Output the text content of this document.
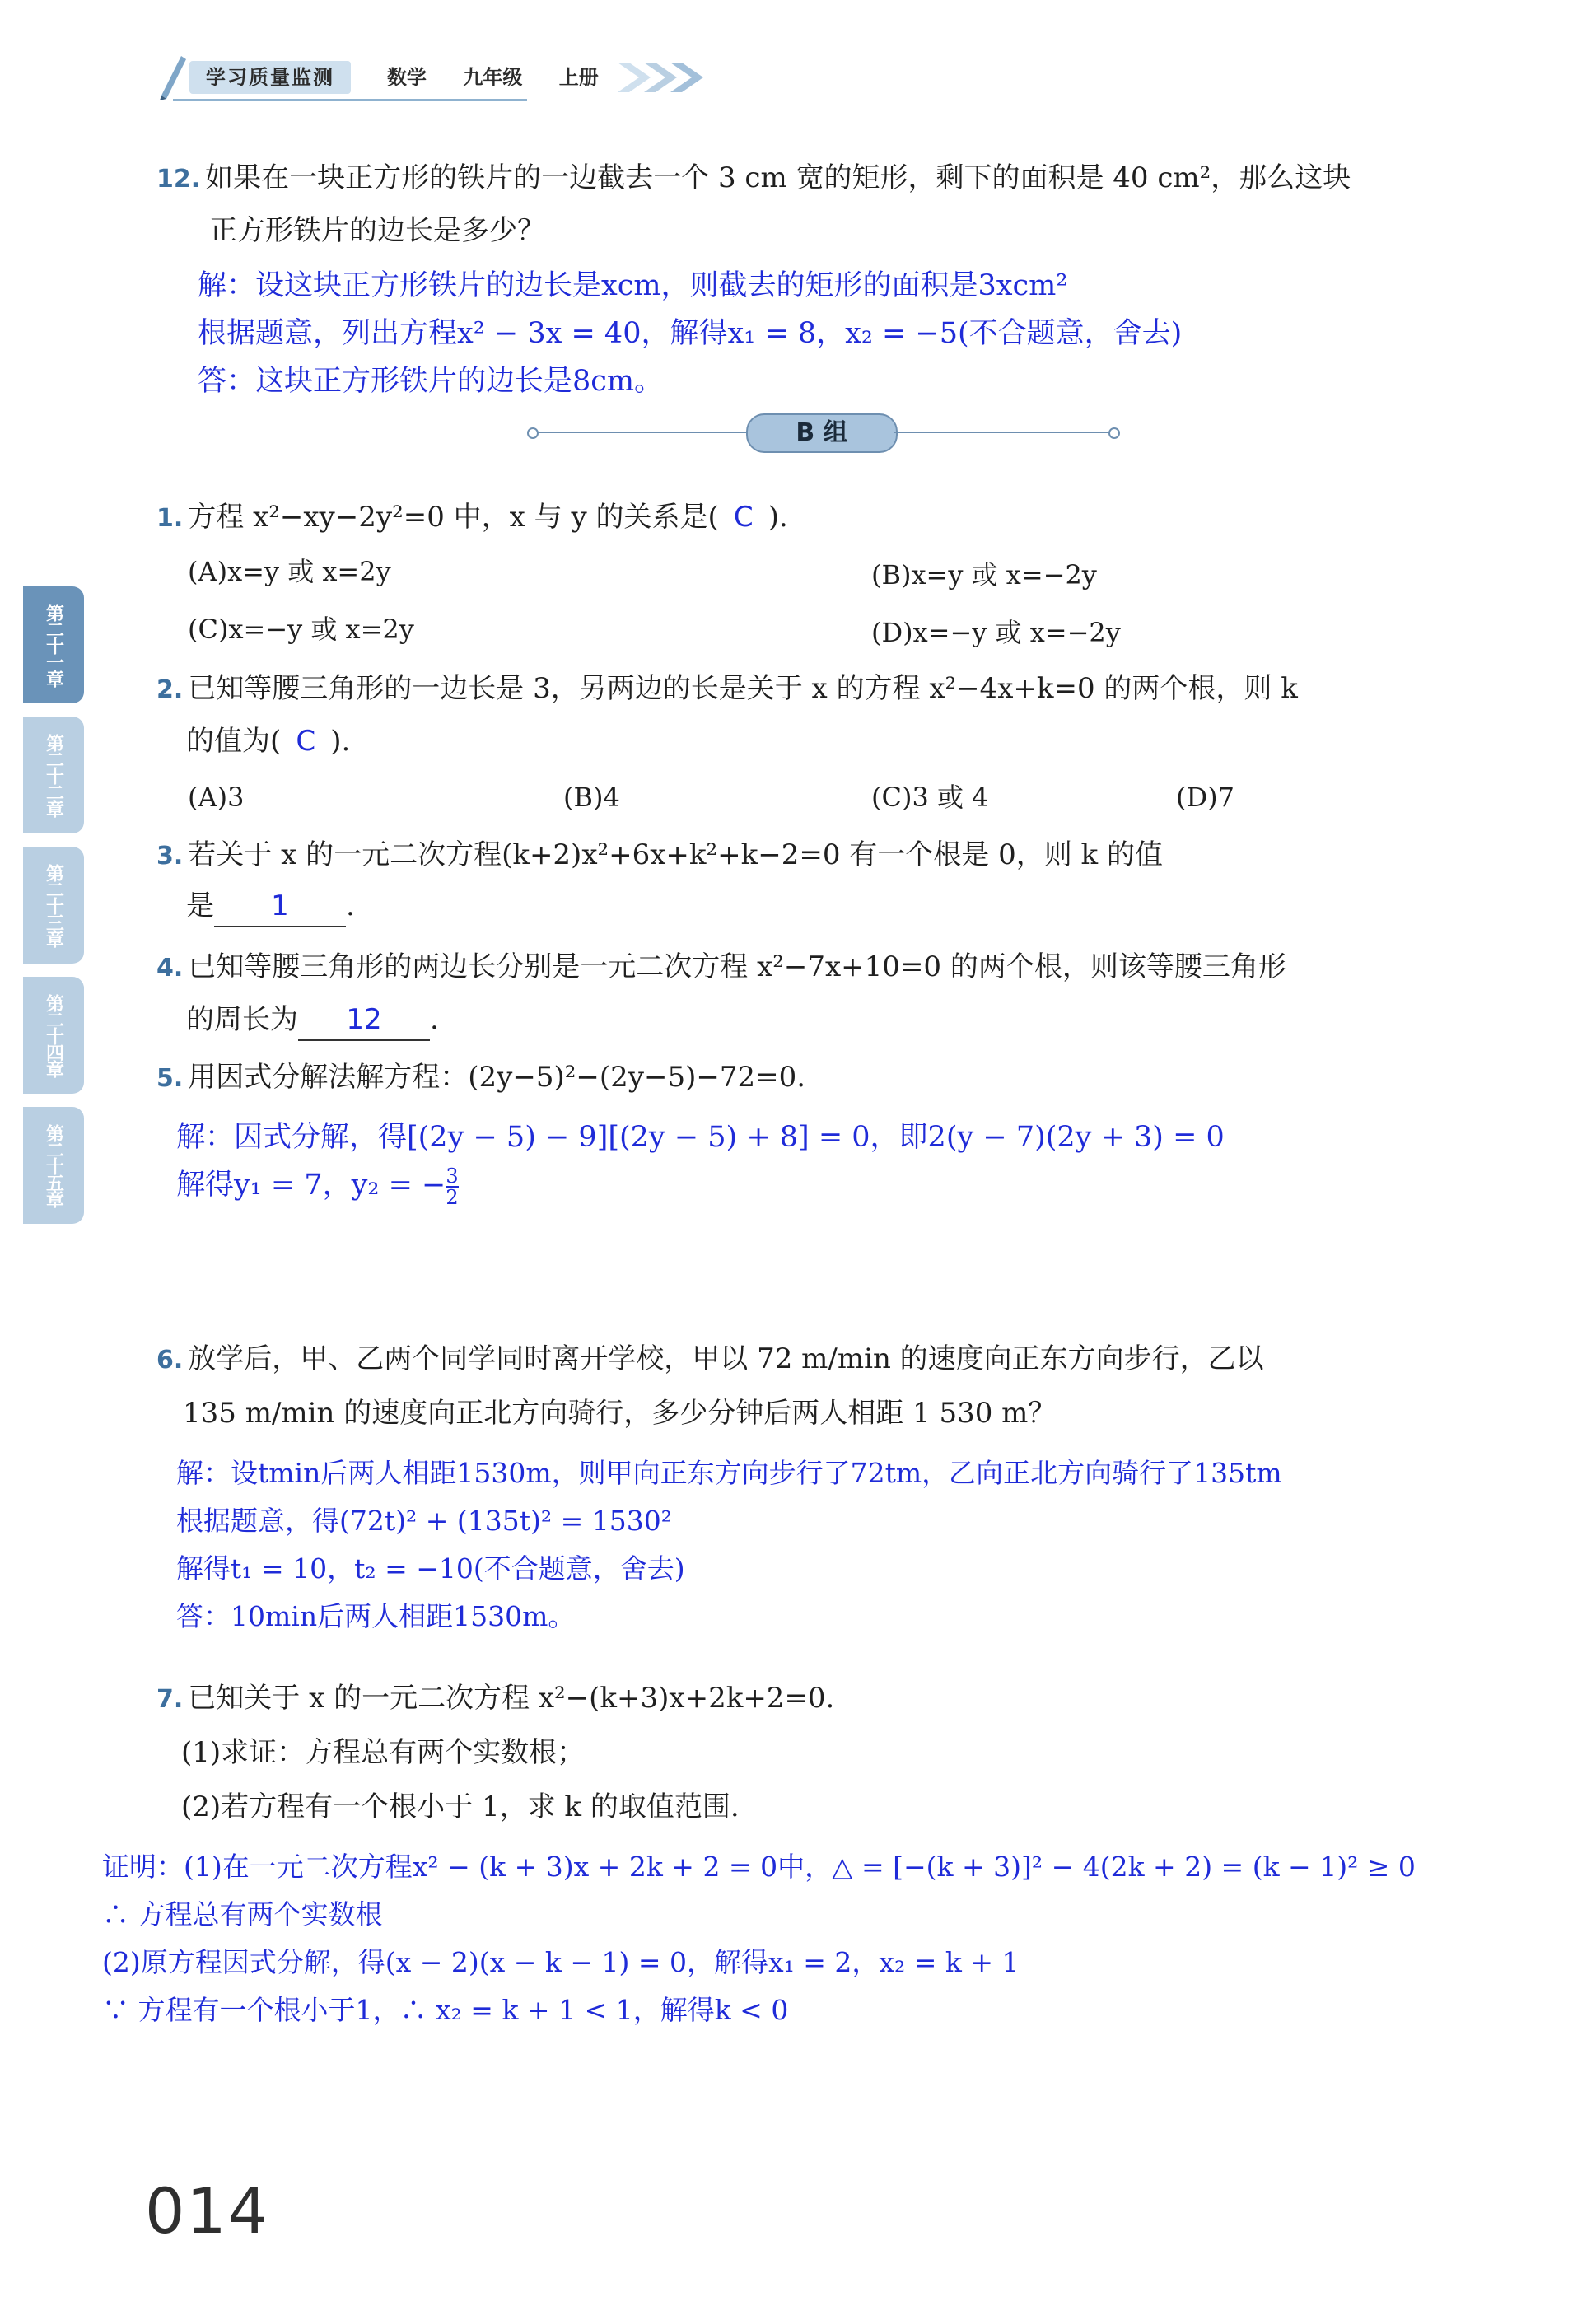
学习质量监测	数学 九年级 上册
第二十一章
第二十二章
第二十三章
第二十四章
第二十五章
12. 如果在一块正方形的铁片的一边截去一个 3 cm 宽的矩形，剩下的面积是 40 cm²，那么这块
正方形铁片的边长是多少？
解：设这块正方形铁片的边长是xcm，则截去的矩形的面积是3xcm²
根据题意，列出方程x² − 3x = 40，解得x₁ = 8，x₂ = −5(不合题意，舍去)
答：这块正方形铁片的边长是8cm。
B 组
1. 方程 x²−xy−2y²=0 中，x 与 y 的关系是( C ).
(A)x=y 或 x=2y	(B)x=y 或 x=−2y
(C)x=−y 或 x=2y	(D)x=−y 或 x=−2y
2. 已知等腰三角形的一边长是 3，另两边的长是关于 x 的方程 x²−4x+k=0 的两个根，则 k
的值为( C ).
(A)3	(B)4	(C)3 或 4	(D)7
3. 若关于 x 的一元二次方程(k+2)x²+6x+k²+k−2=0 有一个根是 0，则 k 的值
是 1 .
4. 已知等腰三角形的两边长分别是一元二次方程 x²−7x+10=0 的两个根，则该等腰三角形
的周长为 12 .
5. 用因式分解法解方程：(2y−5)²−(2y−5)−72=0.
解：因式分解，得[(2y − 5) − 9][(2y − 5) + 8] = 0，即2(y − 7)(2y + 3) = 0
解得y₁ = 7，y₂ = − $\frac{3}{2}$
6. 放学后，甲、乙两个同学同时离开学校，甲以 72 m/min 的速度向正东方向步行，乙以
135 m/min 的速度向正北方向骑行，多少分钟后两人相距 1 530 m？
解：设tmin后两人相距1530m，则甲向正东方向步行了72tm，乙向正北方向骑行了135tm
根据题意，得(72t)² + (135t)² = 1530²
解得t₁ = 10，t₂ = −10(不合题意，舍去)
答：10min后两人相距1530m。
7. 已知关于 x 的一元二次方程 x²−(k+3)x+2k+2=0.
(1)求证：方程总有两个实数根；
(2)若方程有一个根小于 1，求 k 的取值范围.
证明：(1)在一元二次方程x² − (k + 3)x + 2k + 2 = 0中，△ = [−(k + 3)]² − 4(2k + 2) = (k − 1)² ≥ 0
∴ 方程总有两个实数根
(2)原方程因式分解，得(x − 2)(x − k − 1) = 0，解得x₁ = 2，x₂ = k + 1
∵ 方程有一个根小于1，∴ x₂ = k + 1 < 1，解得k < 0
014
